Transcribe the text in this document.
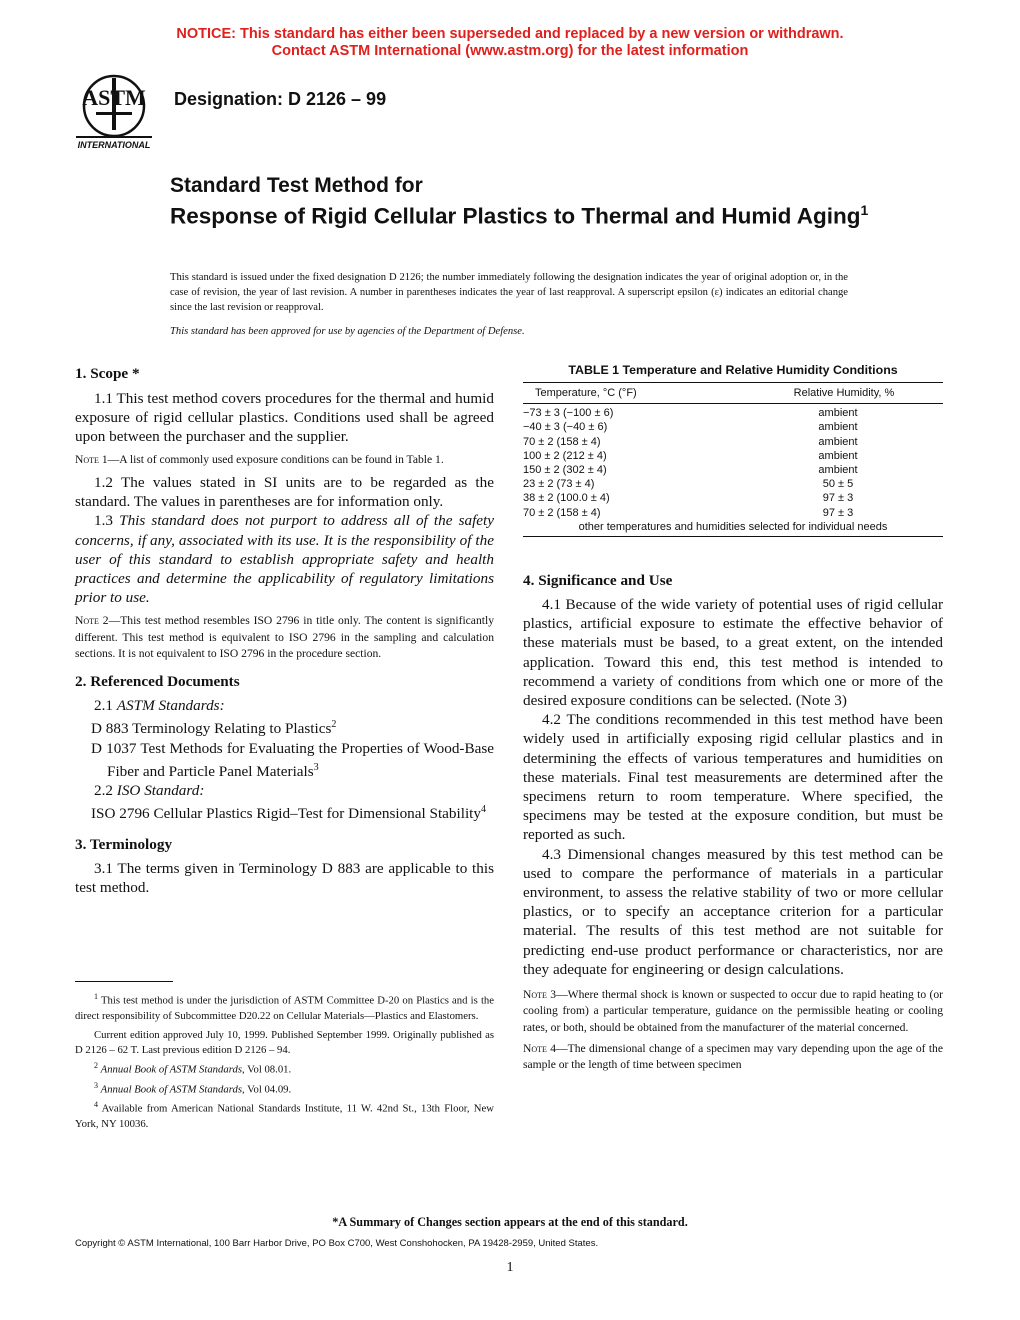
NOTICE: This standard has either been superseded and replaced by a new version or withdrawn.
Contact ASTM International (www.astm.org) for the latest information
ASTM
INTERNATIONAL
Designation: D 2126 – 99
Standard Test Method for
Response of Rigid Cellular Plastics to Thermal and Humid Aging$^1$
This standard is issued under the fixed designation D 2126; the number immediately following the designation indicates the year of original adoption or, in the case of revision, the year of last revision. A number in parentheses indicates the year of last reapproval. A superscript epsilon (ε) indicates an editorial change since the last revision or reapproval.
This standard has been approved for use by agencies of the Department of Defense.
1. Scope *

1.1 This test method covers procedures for the thermal and humid exposure of rigid cellular plastics. Conditions used shall be agreed upon between the purchaser and the supplier.

Note 1—A list of commonly used exposure conditions can be found in Table 1.

1.2 The values stated in SI units are to be regarded as the standard. The values in parentheses are for information only.

1.3 This standard does not purport to address all of the safety concerns, if any, associated with its use. It is the responsibility of the user of this standard to establish appropriate safety and health practices and determine the applicability of regulatory limitations prior to use.

Note 2—This test method resembles ISO 2796 in title only. The content is significantly different. This test method is equivalent to ISO 2796 in the sampling and calculation sections. It is not equivalent to ISO 2796 in the procedure section.

2. Referenced Documents

2.1 ASTM Standards:

D 883 Terminology Relating to Plastics$^2$

D 1037 Test Methods for Evaluating the Properties of Wood-Base Fiber and Particle Panel Materials$^3$

2.2 ISO Standard:

ISO 2796 Cellular Plastics Rigid–Test for Dimensional Stability$^4$

3. Terminology

3.1 The terms given in Terminology D 883 are applicable to this test method.

$^1$ This test method is under the jurisdiction of ASTM Committee D-20 on Plastics and is the direct responsibility of Subcommittee D20.22 on Cellular Materials—Plastics and Elastomers.

Current edition approved July 10, 1999. Published September 1999. Originally published as D 2126 – 62 T. Last previous edition D 2126 – 94.

$^2$ Annual Book of ASTM Standards, Vol 08.01.

$^3$ Annual Book of ASTM Standards, Vol 04.09.

$^4$ Available from American National Standards Institute, 11 W. 42nd St., 13th Floor, New York, NY 10036.

TABLE 1 Temperature and Relative Humidity Conditions
Temperature, °C (°F)	Relative Humidity, %
−73 ± 3 (−100 ± 6)	ambient
−40 ± 3 (−40 ± 6)	ambient
70 ± 2 (158 ± 4)	ambient
100 ± 2 (212 ± 4)	ambient
150 ± 2 (302 ± 4)	ambient
23 ± 2 (73 ± 4)	50 ± 5
38 ± 2 (100.0 ± 4)	97 ± 3
70 ± 2 (158 ± 4)	97 ± 3
other temperatures and humidities selected for individual needs	
4. Significance and Use

4.1 Because of the wide variety of potential uses of rigid cellular plastics, artificial exposure to estimate the effective behavior of these materials must be based, to a great extent, on the intended application. Toward this end, this test method is intended to recommend a variety of conditions from which one or more of the desired exposure conditions can be selected. (Note 3)

4.2 The conditions recommended in this test method have been widely used in artificially exposing rigid cellular plastics and in determining the effects of various temperatures and humidities on these materials. Final test measurements are determined after the specimens return to room temperature. Where specified, the specimens may be tested at the exposure condition, but must be reported as such.

4.3 Dimensional changes measured by this test method can be used to compare the performance of materials in a particular environment, to assess the relative stability of two or more cellular plastics, or to specify an acceptance criterion for a particular material. The results of this test method are not suitable for predicting end-use product performance or characteristics, nor are they adequate for engineering or design calculations.

Note 3—Where thermal shock is known or suspected to occur due to rapid heating to (or cooling from) a particular temperature, guidance on the permissible heating or cooling rates, or both, should be obtained from the manufacturer of the material concerned.

Note 4—The dimensional change of a specimen may vary depending upon the age of the sample or the length of time between specimen

*A Summary of Changes section appears at the end of this standard.
Copyright © ASTM International, 100 Barr Harbor Drive, PO Box C700, West Conshohocken, PA 19428-2959, United States.
1
